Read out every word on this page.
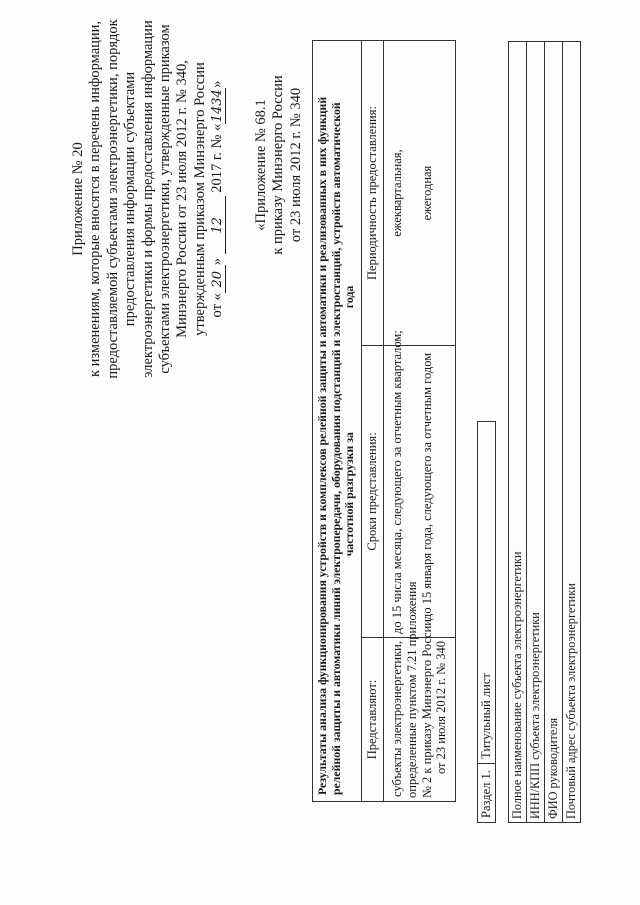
Приложение № 20 к изменениям, которые вносятся в перечень информации, предоставляемой субъектами электроэнергетики, порядок предоставления информации субъектами электроэнергетики и формы предоставления информации субъектами электроэнергетики, утвержденные приказом Минэнерго России от 23 июля 2012 г. № 340, утвержденным приказом Минэнерго России от «20» 12 2017 г. № «1434»
«Приложение № 68.1 к приказу Минэнерго России от 23 июля 2012 г. № 340 Результаты анализа функционирования устройств и комплексов релейной защиты и автоматики и реализованных в них функций релейной защиты и автоматики линий электропередачи, оборудования подстанций и электростанций, устройств автоматической частотной разгрузки за                                          года
Представляют: субъекты электроэнергетики, определенные пунктом 7.21 приложения № 2 к приказу Минэнерго России от 23 июля 2012 г. № 340
Сроки представления: до 15 числа месяца, следующего за отчетным кварталом; до 15 января года, следующего за отчетным годом
Периодичность предоставления: ежеквартальная, ежегодная
Раздел 1.
Титульный лист Полное наименование субъекта электроэнергетики ИНН/КПП субъекта электроэнергетики ФИО руководителя Почтовый адрес субъекта электроэнергетики
